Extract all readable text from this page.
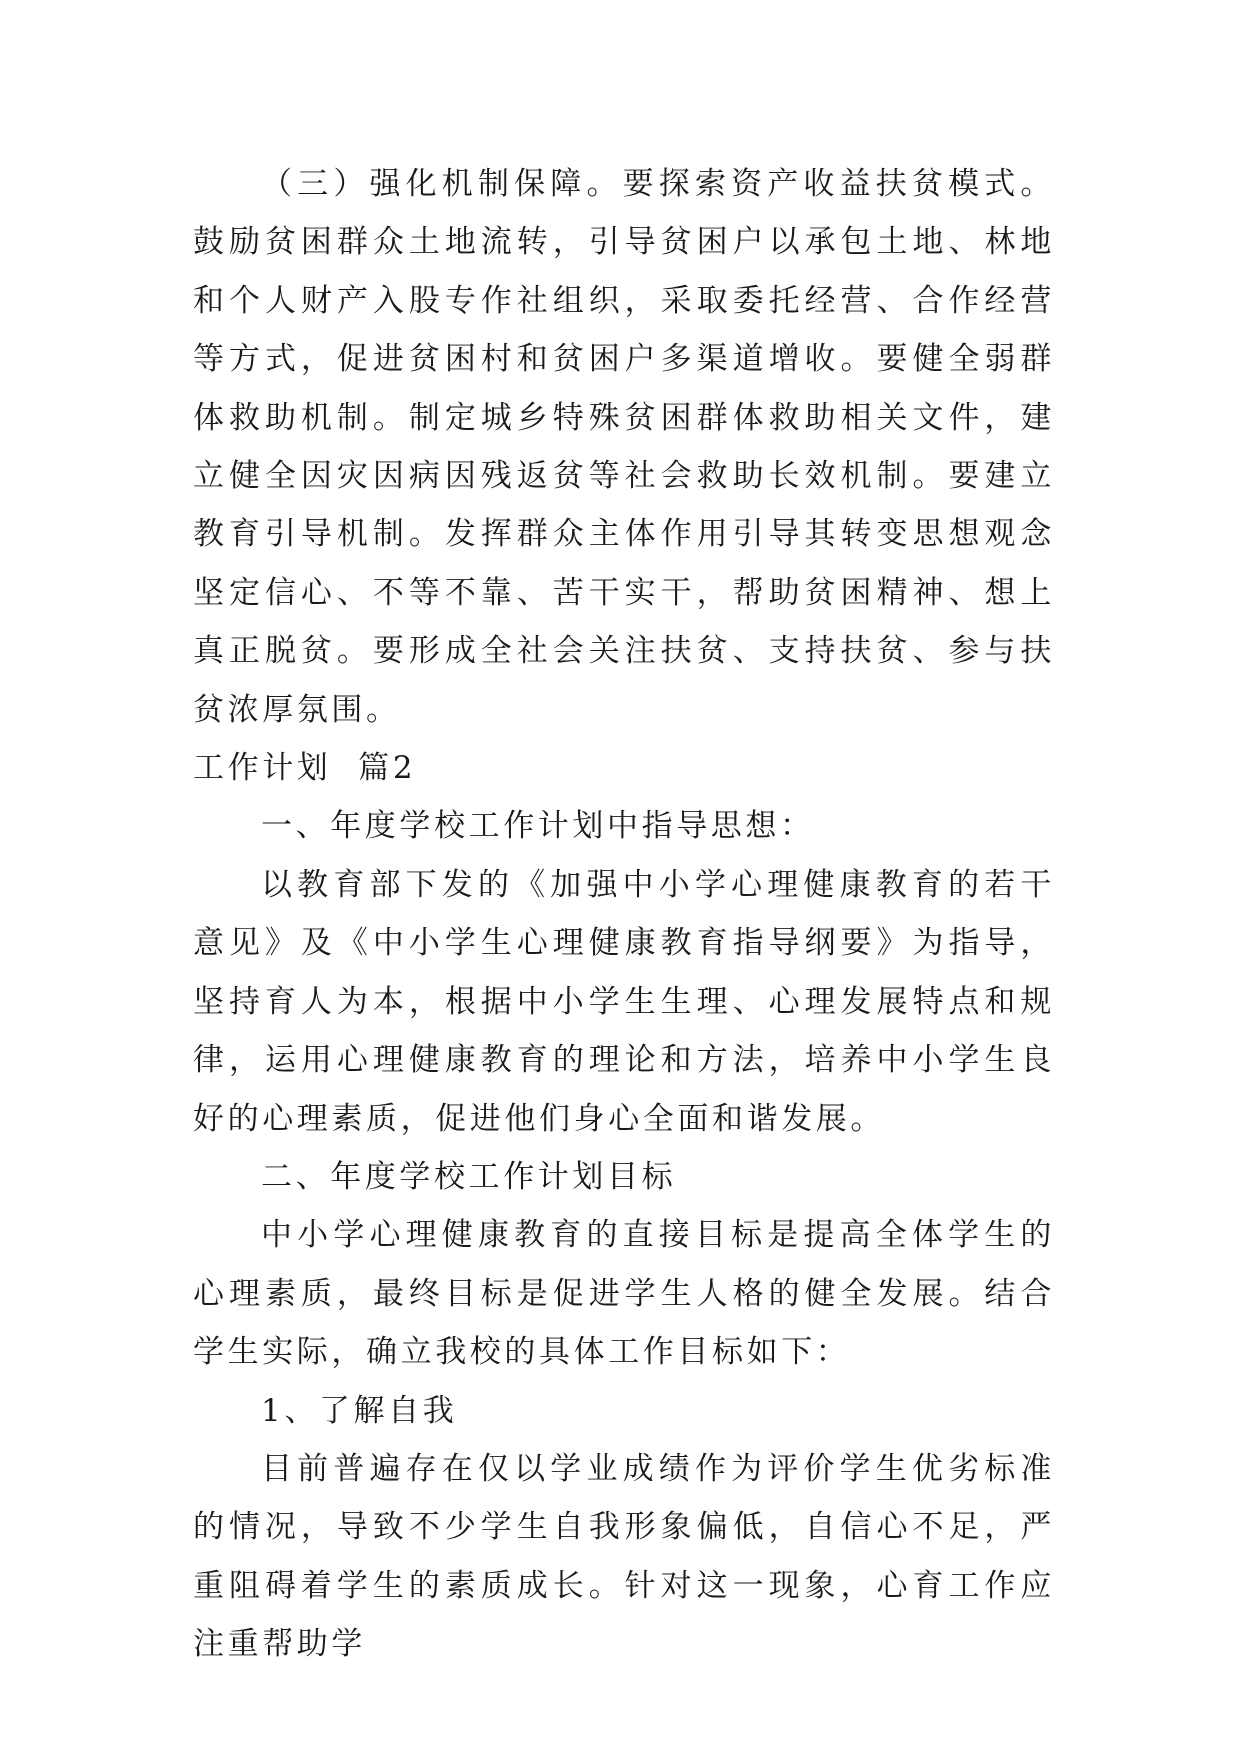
（三）强化机制保障。要探索资产收益扶贫模式。鼓励贫困群众土地流转，引导贫困户以承包土地、林地和个人财产入股专作社组织，采取委托经营、合作经营等方式，促进贫困村和贫困户多渠道增收。要健全弱群体救助机制。制定城乡特殊贫困群体救助相关文件，建立健全因灾因病因残返贫等社会救助长效机制。要建立教育引导机制。发挥群众主体作用引导其转变思想观念坚定信心、不等不靠、苦干实干，帮助贫困精神、想上真正脱贫。要形成全社会关注扶贫、支持扶贫、参与扶贫浓厚氛围。

工作计划  篇2

一、年度学校工作计划中指导思想：

以教育部下发的《加强中小学心理健康教育的若干意见》及《中小学生心理健康教育指导纲要》为指导，坚持育人为本，根据中小学生生理、心理发展特点和规律，运用心理健康教育的理论和方法，培养中小学生良好的心理素质，促进他们身心全面和谐发展。

二、年度学校工作计划目标

中小学心理健康教育的直接目标是提高全体学生的心理素质，最终目标是促进学生人格的健全发展。结合学生实际，确立我校的具体工作目标如下：

1、了解自我

目前普遍存在仅以学业成绩作为评价学生优劣标准的情况，导致不少学生自我形象偏低，自信心不足，严重阻碍着学生的素质成长。针对这一现象，心育工作应注重帮助学
